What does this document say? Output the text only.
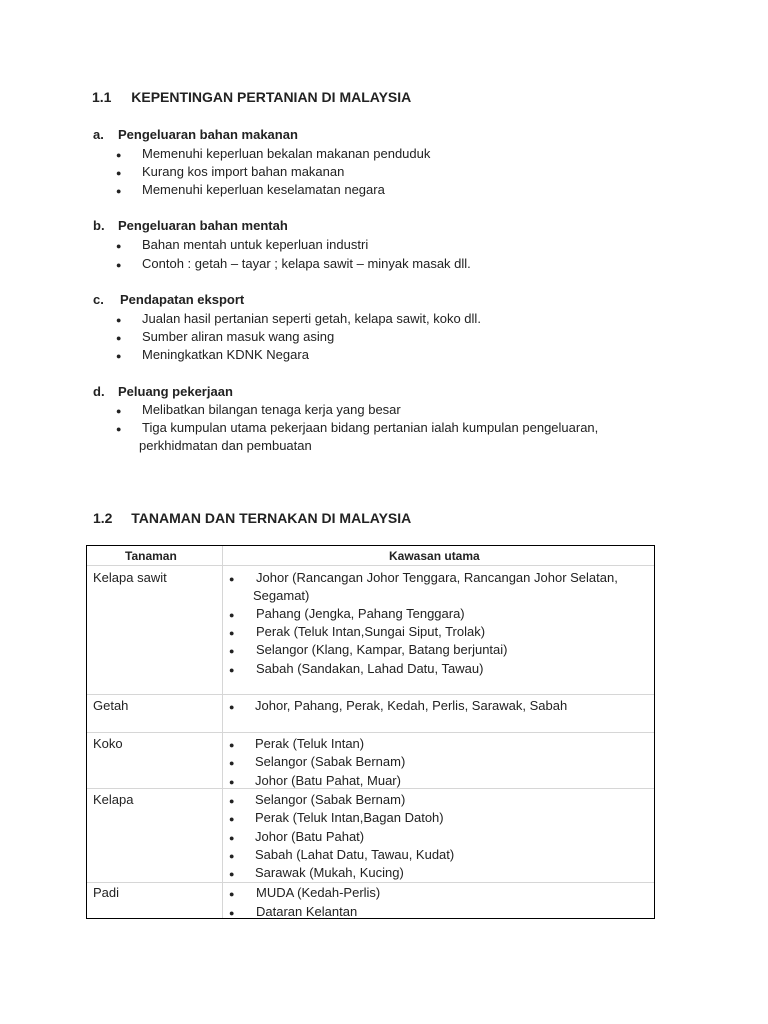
1.1 KEPENTINGAN PERTANIAN DI MALAYSIA
a. Pengeluaran bahan makanan
● Memenuhi keperluan bekalan makanan penduduk
● Kurang kos import bahan makanan
● Memenuhi keperluan keselamatan negara
b. Pengeluaran bahan mentah
● Bahan mentah untuk keperluan industri
● Contoh : getah – tayar ; kelapa sawit – minyak masak dll.
c. Pendapatan eksport
● Jualan hasil pertanian seperti getah, kelapa sawit, koko dll.
● Sumber aliran masuk wang asing
● Meningkatkan KDNK Negara
d. Peluang pekerjaan
● Melibatkan bilangan tenaga kerja yang besar
● Tiga kumpulan utama pekerjaan bidang pertanian ialah kumpulan pengeluaran,
perkhidmatan dan pembuatan
1.2 TANAMAN DAN TERNAKAN DI MALAYSIA
Tanaman	Kawasan utama
Kelapa sawit	● Johor (Rancangan Johor Tenggara, Rancangan Johor Selatan,
Segamat)
● Pahang (Jengka, Pahang Tenggara)
● Perak (Teluk Intan,Sungai Siput, Trolak)
● Selangor (Klang, Kampar, Batang berjuntai)
● Sabah (Sandakan, Lahad Datu, Tawau)
Getah	● Johor, Pahang, Perak, Kedah, Perlis, Sarawak, Sabah
Koko	● Perak (Teluk Intan)
● Selangor (Sabak Bernam)
● Johor (Batu Pahat, Muar)
Kelapa	● Selangor (Sabak Bernam)
● Perak (Teluk Intan,Bagan Datoh)
● Johor (Batu Pahat)
● Sabah (Lahat Datu, Tawau, Kudat)
● Sarawak (Mukah, Kucing)
Padi	● MUDA (Kedah-Perlis)
● Dataran Kelantan
